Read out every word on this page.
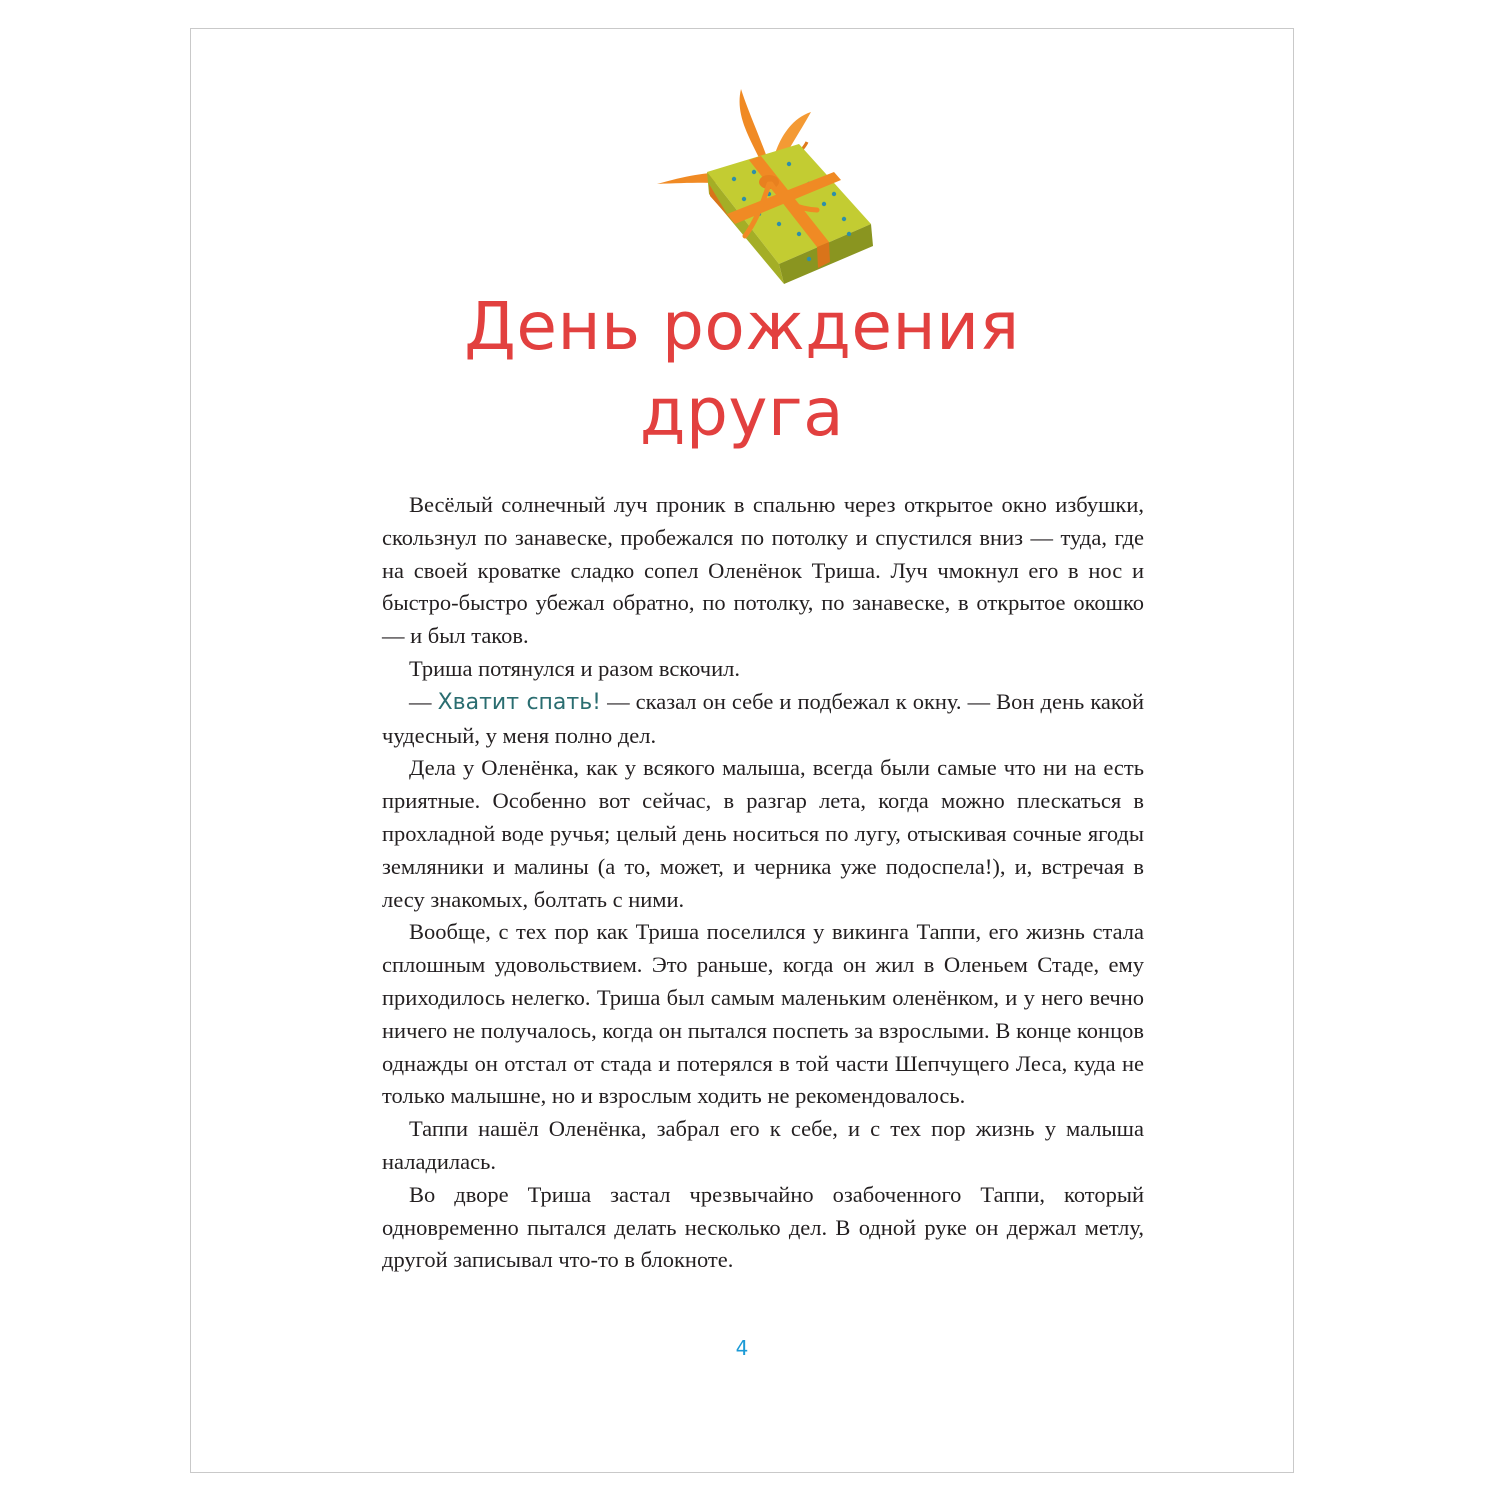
День рождения
друга

Весёлый солнечный луч проник в спальню через открытое окно избушки, скользнул по занавеске, пробежался по потолку и спустился вниз — туда, где на своей кроватке сладко сопел Оленёнок Триша. Луч чмокнул его в нос и быстро-быстро убежал обратно, по потолку, по занавеске, в открытое окошко — и был таков.

Триша потянулся и разом вскочил.

— Хватит спать! — сказал он себе и подбежал к окну. — Вон день какой чудесный, у меня полно дел.

Дела у Оленёнка, как у всякого малыша, всегда были самые что ни на есть приятные. Особенно вот сейчас, в разгар лета, когда можно плескаться в прохладной воде ручья; целый день носиться по лугу, отыскивая сочные ягоды земляники и малины (а то, может, и черника уже подоспела!), и, встречая в лесу знакомых, болтать с ними.

Вообще, с тех пор как Триша поселился у викинга Таппи, его жизнь стала сплошным удовольствием. Это раньше, когда он жил в Оленьем Стаде, ему приходилось нелегко. Триша был самым маленьким оленёнком, и у него вечно ничего не получалось, когда он пытался поспеть за взрослыми. В конце концов однажды он отстал от стада и потерялся в той части Шепчущего Леса, куда не только малышне, но и взрослым ходить не рекомендовалось.

Таппи нашёл Оленёнка, забрал его к себе, и с тех пор жизнь у малыша наладилась.

Во дворе Триша застал чрезвычайно озабоченного Таппи, который одновременно пытался делать несколько дел. В одной руке он держал метлу, другой записывал что-то в блокноте.

4
